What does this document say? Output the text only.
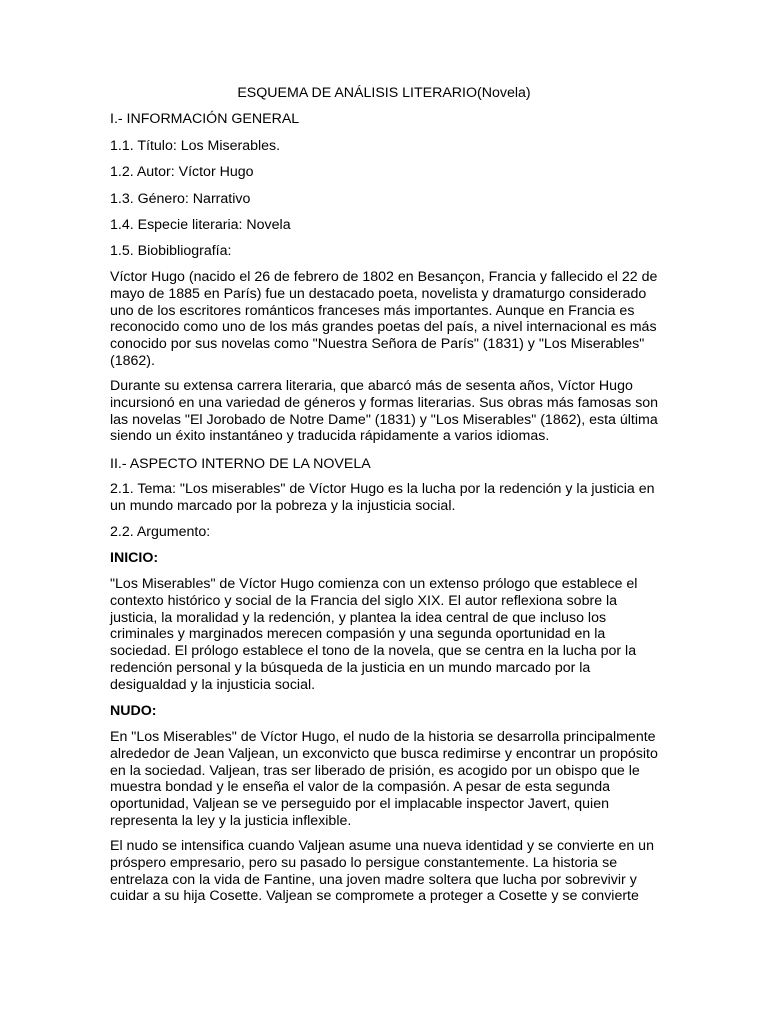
ESQUEMA DE ANÁLISIS LITERARIO(Novela)
I.- INFORMACIÓN GENERAL
1.1. Título: Los Miserables.
1.2. Autor: Víctor Hugo
1.3. Género: Narrativo
1.4. Especie literaria: Novela
1.5. Biobibliografía:

Víctor Hugo (nacido el 26 de febrero de 1802 en Besançon, Francia y fallecido el 22 de mayo de 1885 en París) fue un destacado poeta, novelista y dramaturgo considerado uno de los escritores románticos franceses más importantes. Aunque en Francia es reconocido como uno de los más grandes poetas del país, a nivel internacional es más conocido por sus novelas como "Nuestra Señora de París" (1831) y "Los Miserables" (1862).

Durante su extensa carrera literaria, que abarcó más de sesenta años, Víctor Hugo incursionó en una variedad de géneros y formas literarias. Sus obras más famosas son las novelas "El Jorobado de Notre Dame" (1831) y "Los Miserables" (1862), esta última siendo un éxito instantáneo y traducida rápidamente a varios idiomas.

II.- ASPECTO INTERNO DE LA NOVELA

2.1. Tema: "Los miserables" de Víctor Hugo es la lucha por la redención y la justicia en un mundo marcado por la pobreza y la injusticia social.

2.2. Argumento:
INICIO:

"Los Miserables" de Víctor Hugo comienza con un extenso prólogo que establece el contexto histórico y social de la Francia del siglo XIX. El autor reflexiona sobre la justicia, la moralidad y la redención, y plantea la idea central de que incluso los criminales y marginados merecen compasión y una segunda oportunidad en la sociedad. El prólogo establece el tono de la novela, que se centra en la lucha por la redención personal y la búsqueda de la justicia en un mundo marcado por la desigualdad y la injusticia social.

NUDO:

En "Los Miserables" de Víctor Hugo, el nudo de la historia se desarrolla principalmente alrededor de Jean Valjean, un exconvicto que busca redimirse y encontrar un propósito en la sociedad. Valjean, tras ser liberado de prisión, es acogido por un obispo que le muestra bondad y le enseña el valor de la compasión. A pesar de esta segunda oportunidad, Valjean se ve perseguido por el implacable inspector Javert, quien representa la ley y la justicia inflexible.

El nudo se intensifica cuando Valjean asume una nueva identidad y se convierte en un próspero empresario, pero su pasado lo persigue constantemente. La historia se entrelaza con la vida de Fantine, una joven madre soltera que lucha por sobrevivir y cuidar a su hija Cosette. Valjean se compromete a proteger a Cosette y se convierte
